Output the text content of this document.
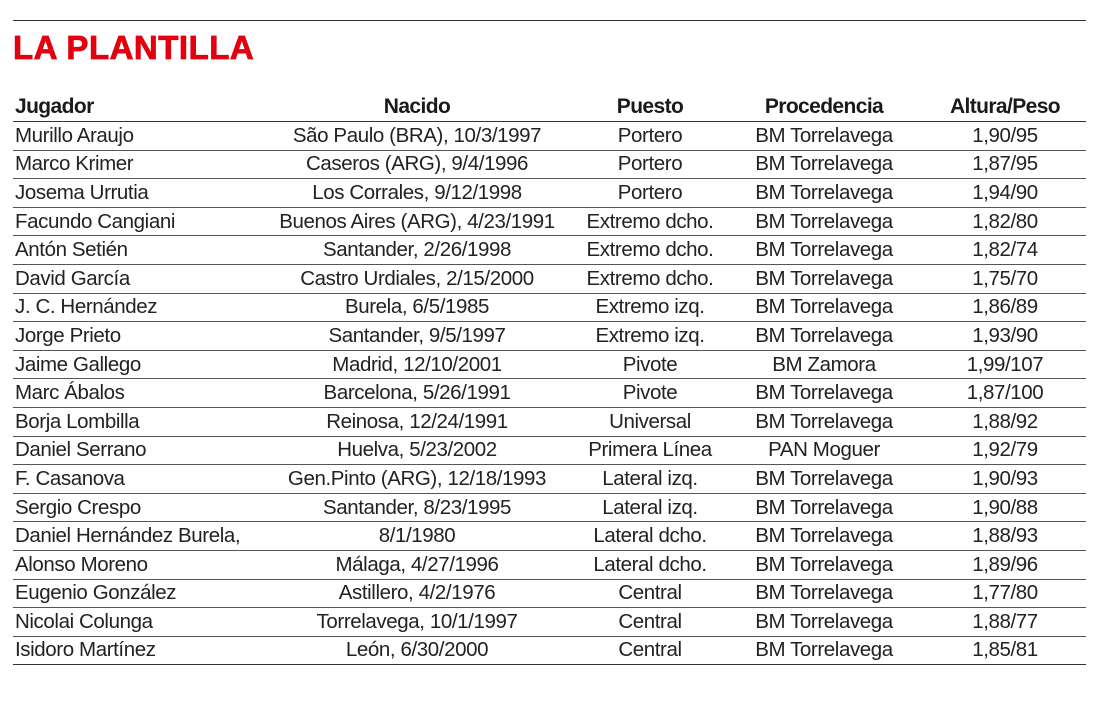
LA PLANTILLA
Jugador	Nacido	Puesto	Procedencia	Altura/Peso
Murillo Araujo	São Paulo (BRA), 10/3/1997	Portero	BM Torrelavega	1,90/95
Marco Krimer	Caseros (ARG), 9/4/1996	Portero	BM Torrelavega	1,87/95
Josema Urrutia	Los Corrales, 9/12/1998	Portero	BM Torrelavega	1,94/90
Facundo Cangiani	Buenos Aires (ARG), 4/23/1991	Extremo dcho.	BM Torrelavega	1,82/80
Antón Setién	Santander, 2/26/1998	Extremo dcho.	BM Torrelavega	1,82/74
David García	Castro Urdiales, 2/15/2000	Extremo dcho.	BM Torrelavega	1,75/70
J. C. Hernández	Burela, 6/5/1985	Extremo izq.	BM Torrelavega	1,86/89
Jorge Prieto	Santander, 9/5/1997	Extremo izq.	BM Torrelavega	1,93/90
Jaime Gallego	Madrid, 12/10/2001	Pivote	BM Zamora	1,99/107
Marc Ábalos	Barcelona, 5/26/1991	Pivote	BM Torrelavega	1,87/100
Borja Lombilla	Reinosa, 12/24/1991	Universal	BM Torrelavega	1,88/92
Daniel Serrano	Huelva, 5/23/2002	Primera Línea	PAN Moguer	1,92/79
F. Casanova	Gen.Pinto (ARG), 12/18/1993	Lateral izq.	BM Torrelavega	1,90/93
Sergio Crespo	Santander, 8/23/1995	Lateral izq.	BM Torrelavega	1,90/88
Daniel Hernández Burela,	8/1/1980	Lateral dcho.	BM Torrelavega	1,88/93
Alonso Moreno	Málaga, 4/27/1996	Lateral dcho.	BM Torrelavega	1,89/96
Eugenio González	Astillero, 4/2/1976	Central	BM Torrelavega	1,77/80
Nicolai Colunga	Torrelavega, 10/1/1997	Central	BM Torrelavega	1,88/77
Isidoro Martínez	León, 6/30/2000	Central	BM Torrelavega	1,85/81
